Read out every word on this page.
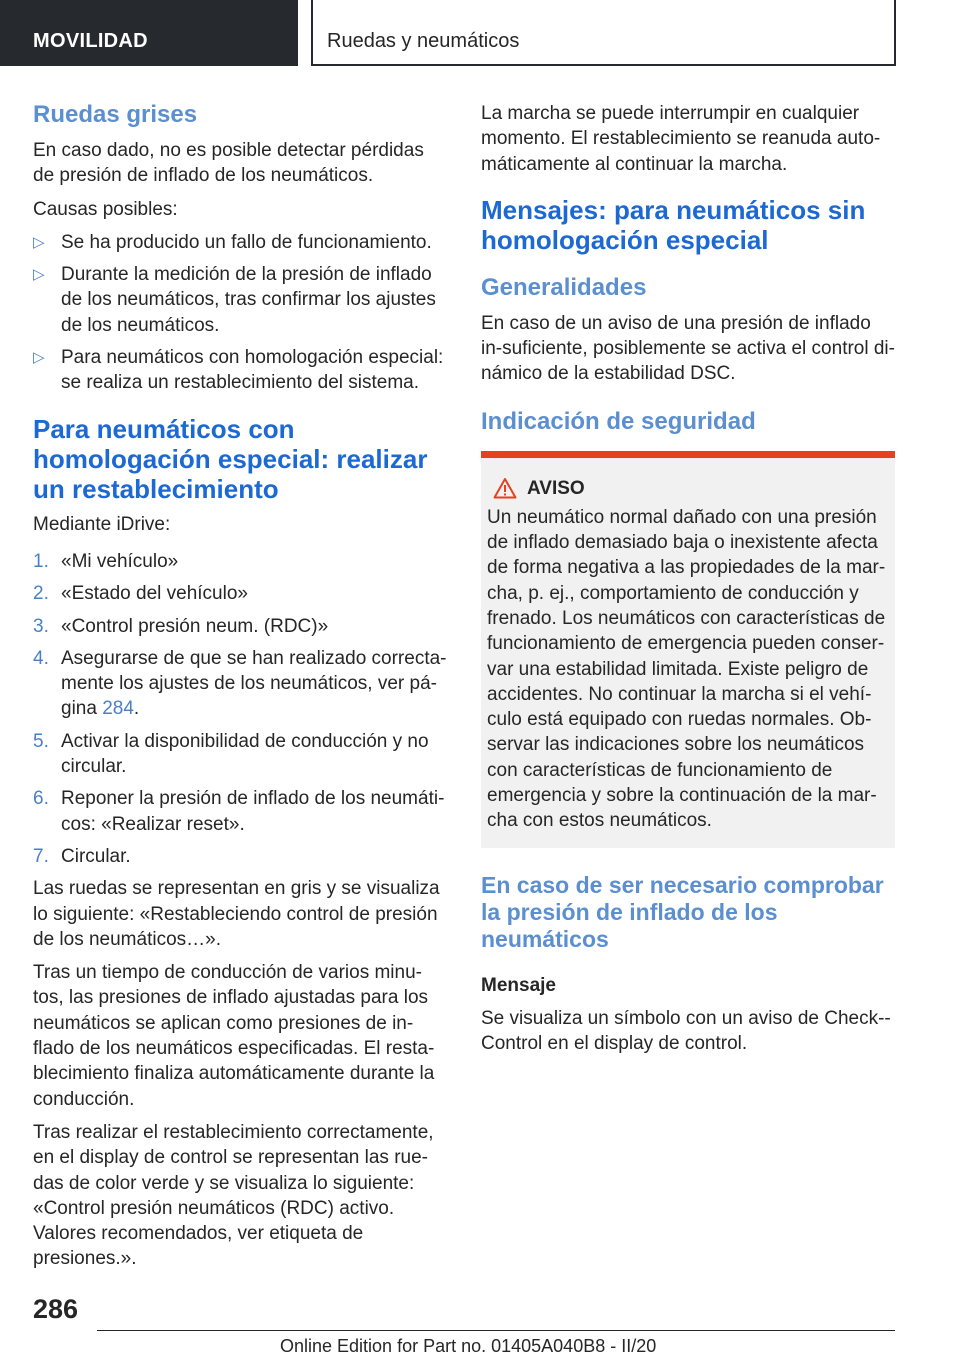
MOVILIDAD	Ruedas y neumáticos
Ruedas grises

En caso dado, no es posible detectar pérdidas de presión de inflado de los neumáticos.

Causas posibles:

▷ Se ha producido un fallo de funcionamiento.
▷ Durante la medición de la presión de inflado de los neumáticos, tras confirmar los ajustes de los neumáticos.
▷ Para neumáticos con homologación especial: se realiza un restablecimiento del sistema.
Para neumáticos con homologación especial: realizar un restablecimiento

Mediante iDrive:

1. «Mi vehículo»
2. «Estado del vehículo»
3. «Control presión neum. (RDC)»
4. Asegurarse de que se han realizado correcta-mente los ajustes de los neumáticos, ver pá-gina 284.
5. Activar la disponibilidad de conducción y no circular.
6. Reponer la presión de inflado de los neumáti-cos: «Realizar reset».
7. Circular.

Las ruedas se representan en gris y se visualiza lo siguiente: «Restableciendo control de presión de los neumáticos…».

Tras un tiempo de conducción de varios minu-tos, las presiones de inflado ajustadas para los neumáticos se aplican como presiones de in-flado de los neumáticos especificadas. El resta-blecimiento finaliza automáticamente durante la conducción.

Tras realizar el restablecimiento correctamente, en el display de control se representan las rue-das de color verde y se visualiza lo siguiente: «Control presión neumáticos (RDC) activo. Valores recomendados, ver etiqueta de presiones.».

La marcha se puede interrumpir en cualquier momento. El restablecimiento se reanuda auto-máticamente al continuar la marcha.

Mensajes: para neumáticos sin homologación especial
Generalidades

En caso de un aviso de una presión de inflado in-suficiente, posiblemente se activa el control di-námico de la estabilidad DSC.

Indicación de seguridad
AVISO

Un neumático normal dañado con una presión de inflado demasiado baja o inexistente afecta de forma negativa a las propiedades de la mar-cha, p. ej., comportamiento de conducción y frenado. Los neumáticos con características de funcionamiento de emergencia pueden conser-var una estabilidad limitada. Existe peligro de accidentes. No continuar la marcha si el vehí-culo está equipado con ruedas normales. Ob-servar las indicaciones sobre los neumáticos con características de funcionamiento de emergencia y sobre la continuación de la mar-cha con estos neumáticos.

En caso de ser necesario comprobar la presión de inflado de los neumáticos
Mensaje

Se visualiza un símbolo con un aviso de Check--Control en el display de control.

286
Online Edition for Part no. 01405A040B8 - II/20
